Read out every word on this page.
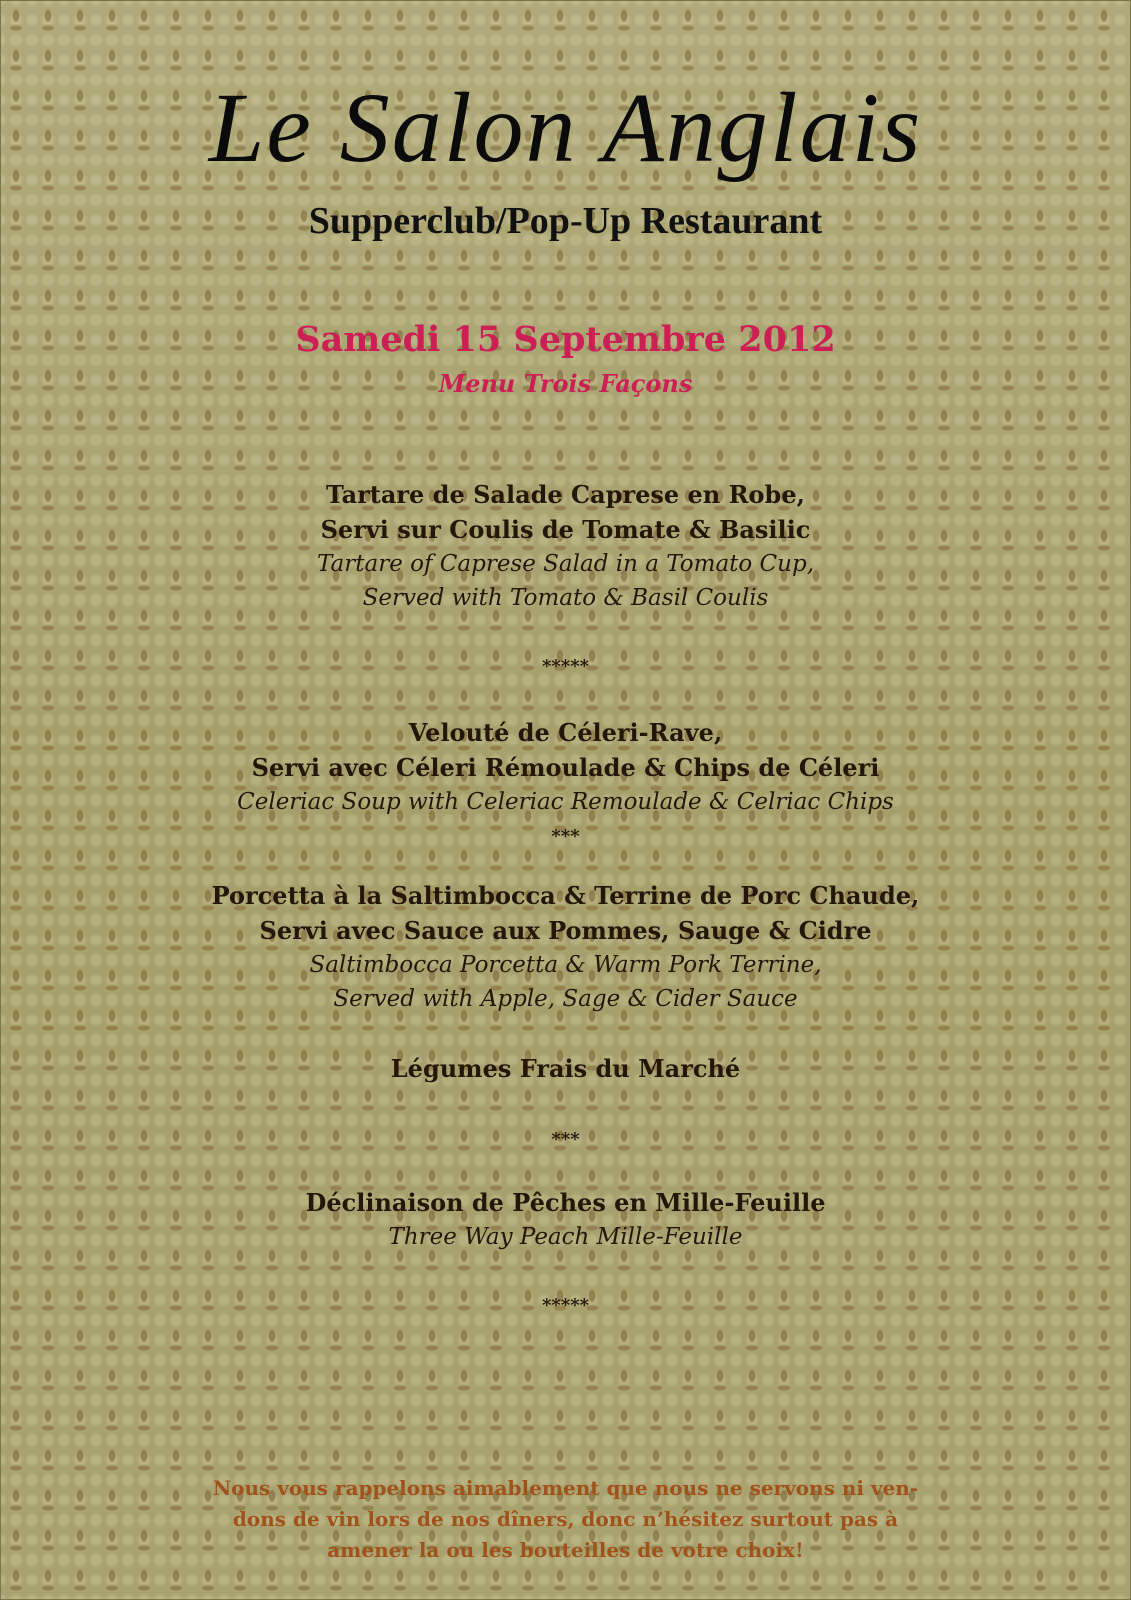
Le Salon Anglais
Supperclub/Pop-Up Restaurant
Samedi 15 Septembre 2012
Menu Trois Façons
Tartare de Salade Caprese en Robe,
Servi sur Coulis de Tomate & Basilic
Tartare of Caprese Salad in a Tomato Cup,
Served with Tomato & Basil Coulis
*****
Velouté de Céleri-Rave,
Servi avec Céleri Rémoulade & Chips de Céleri
Celeriac Soup with Celeriac Remoulade & Celriac Chips
***
Porcetta à la Saltimbocca & Terrine de Porc Chaude,
Servi avec Sauce aux Pommes, Sauge & Cidre
Saltimbocca Porcetta & Warm Pork Terrine,
Served with Apple, Sage & Cider Sauce
Légumes Frais du Marché
***
Déclinaison de Pêches en Mille-Feuille
Three Way Peach Mille-Feuille
*****
Nous vous rappelons aimablement que nous ne servons ni ven-
dons de vin lors de nos dîners, donc n’hésitez surtout pas à
amener la ou les bouteilles de votre choix!
